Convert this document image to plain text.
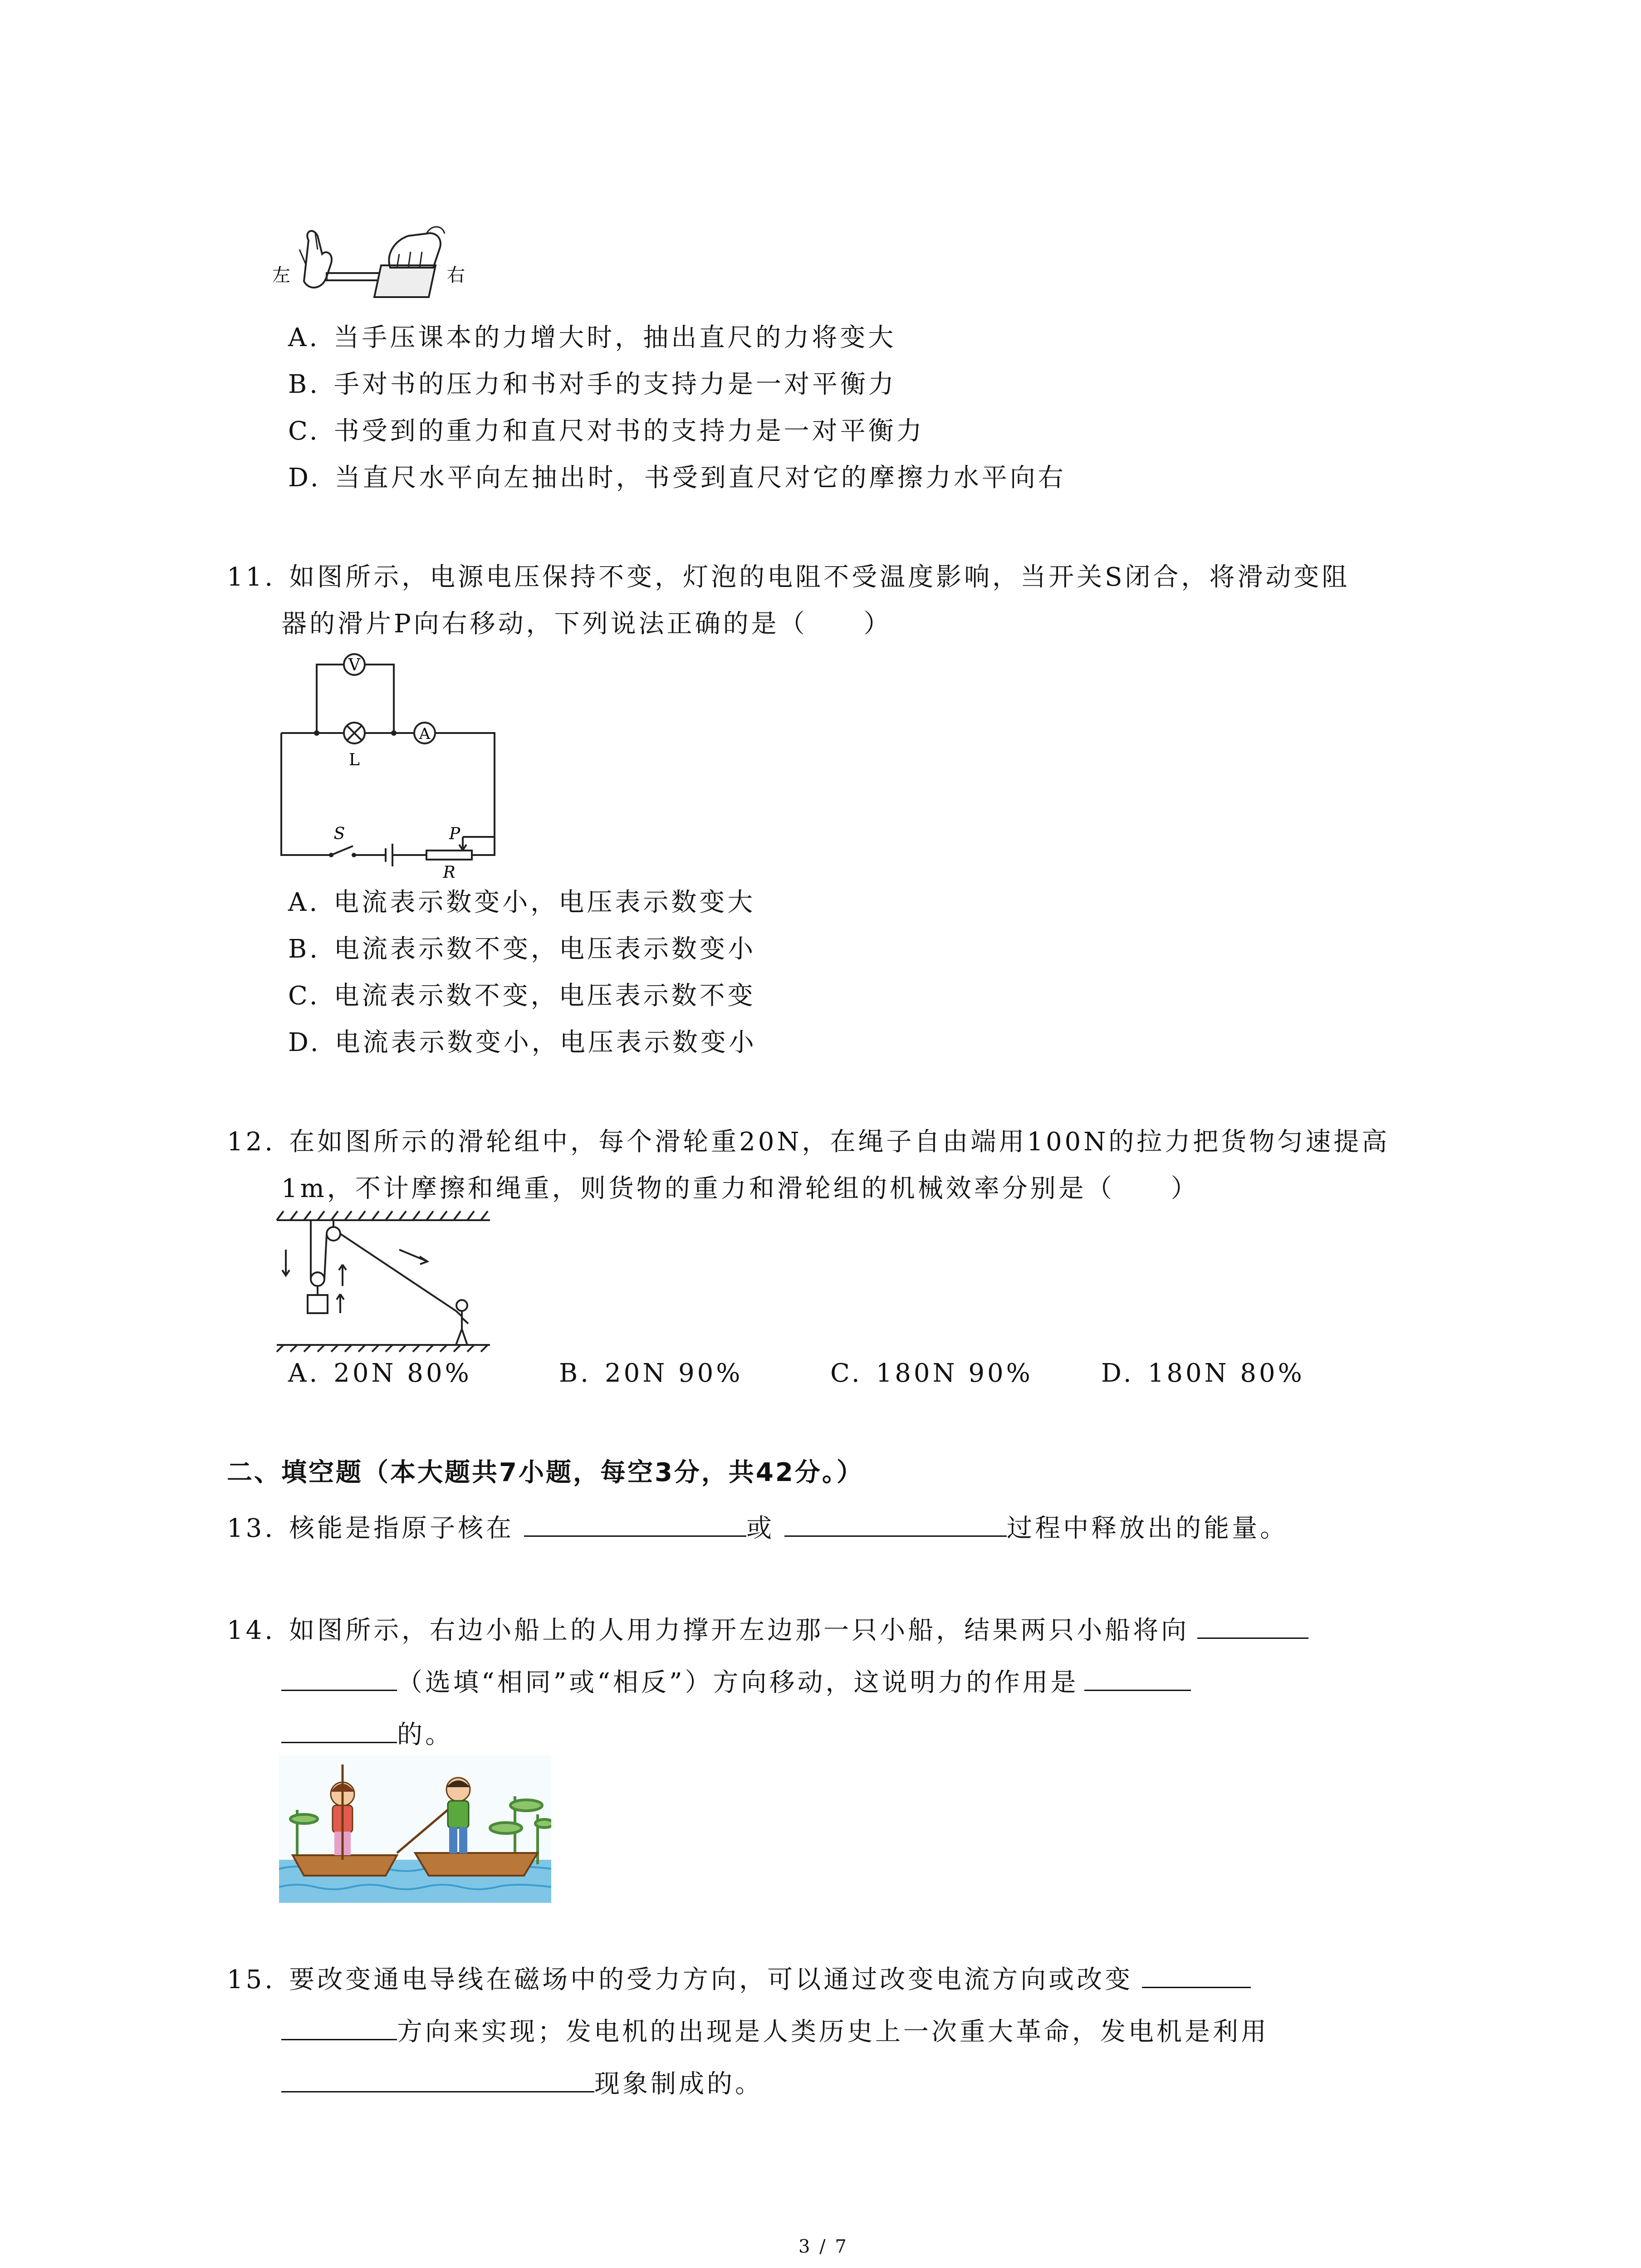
左	右
A. 当手压课本的力增大时，抽出直尺的力将变大
B. 手对书的压力和书对手的支持力是一对平衡力
C. 书受到的重力和直尺对书的支持力是一对平衡力
D. 当直尺水平向左抽出时，书受到直尺对它的摩擦力水平向右
11. 如图所示，电源电压保持不变，灯泡的电阻不受温度影响，当开关S闭合，将滑动变阻
器的滑片P向右移动，下列说法正确的是（　　）
V
A
L
S	P
R
A. 电流表示数变小，电压表示数变大
B. 电流表示数不变，电压表示数变小
C. 电流表示数不变，电压表示数不变
D. 电流表示数变小，电压表示数变小
12. 在如图所示的滑轮组中，每个滑轮重20N，在绳子自由端用100N的拉力把货物匀速提高
1m，不计摩擦和绳重，则货物的重力和滑轮组的机械效率分别是（　　）
A. 20N 80%	B. 20N 90%	C. 180N 90%	D. 180N 80%
二、填空题（本大题共7小题，每空3分，共42分。）
13. 核能是指原子核在	或	过程中释放出的能量。
14. 如图所示，右边小船上的人用力撑开左边那一只小船，结果两只小船将向
（选填“相同”或“相反”）方向移动，这说明力的作用是
的。
15. 要改变通电导线在磁场中的受力方向，可以通过改变电流方向或改变
方向来实现；发电机的出现是人类历史上一次重大革命，发电机是利用
现象制成的。
3 / 7
